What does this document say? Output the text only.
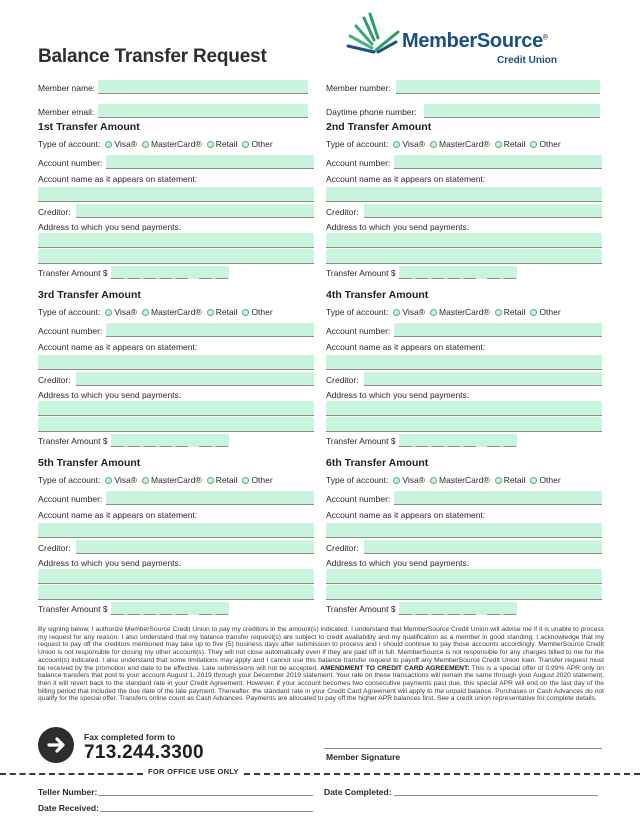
Balance Transfer Request
MemberSource®
Credit Union
Member name:	Member number:
Member email:	Daytime phone number:
1st Transfer Amount
Type of account: Visa® MasterCard® Retail Other
Account number:
Account name as it appears on statement:
Creditor:
Address to which you send payments:
Transfer Amount $
2nd Transfer Amount
Type of account: Visa® MasterCard® Retail Other
Account number:
Account name as it appears on statement:
Creditor:
Address to which you send payments:
Transfer Amount $
3rd Transfer Amount
Type of account: Visa® MasterCard® Retail Other
Account number:
Account name as it appears on statement:
Creditor:
Address to which you send payments:
Transfer Amount $
4th Transfer Amount
Type of account: Visa® MasterCard® Retail Other
Account number:
Account name as it appears on statement:
Creditor:
Address to which you send payments:
Transfer Amount $
5th Transfer Amount
Type of account: Visa® MasterCard® Retail Other
Account number:
Account name as it appears on statement:
Creditor:
Address to which you send payments:
Transfer Amount $
6th Transfer Amount
Type of account: Visa® MasterCard® Retail Other
Account number:
Account name as it appears on statement:
Creditor:
Address to which you send payments:
Transfer Amount $
By signing below, I authorize MemberSource Credit Union to pay my creditors in the amount(s) indicated. I understand that MemberSource Credit Union will advise me if it is unable to process my request for any reason. I also understand that my balance transfer request(s) are subject to credit availability and my qualification as a member in good standing. I acknowledge that my request to pay off the creditors mentioned may take up to five (5) business days after submission to process and I should continue to pay those accounts accordingly. MemberSource Credit Union is not responsible for closing my other account(s). They will not close automatically even if they are paid off in full. MemberSource is not responsible for any charges billed to me for the account(s) indicated. I also understand that some limitations may apply and I cannot use this balance transfer request to payoff any MemberSource Credit Union loan. Transfer request must be received by the promotion end date to be effective. Late submissions will not be accepted. AMENDMENT TO CREDIT CARD AGREEMENT: This is a special offer of 0.99% APR only on balance transfers that post to your account August 1, 2019 through your December 2019 statement. Your rate on these transactions will remain the same through your August 2020 statement, then it will revert back to the standard rate in your Credit Agreement. However, if your account becomes two consecutive payments past due, this special APR will end on the last day of the billing period that included the due date of the late payment. Thereafter, the standard rate in your Credit Card Agreement will apply to the unpaid balance. Purchases or Cash Advances do not qualify for the special offer. Transfers online count as Cash Advances. Payments are allocated to pay off the higher APR balances first. See a credit union representative for complete details.
Fax completed form to
713.244.3300	Member Signature
FOR OFFICE USE ONLY
Teller Number:	Date Completed:
Date Received:
